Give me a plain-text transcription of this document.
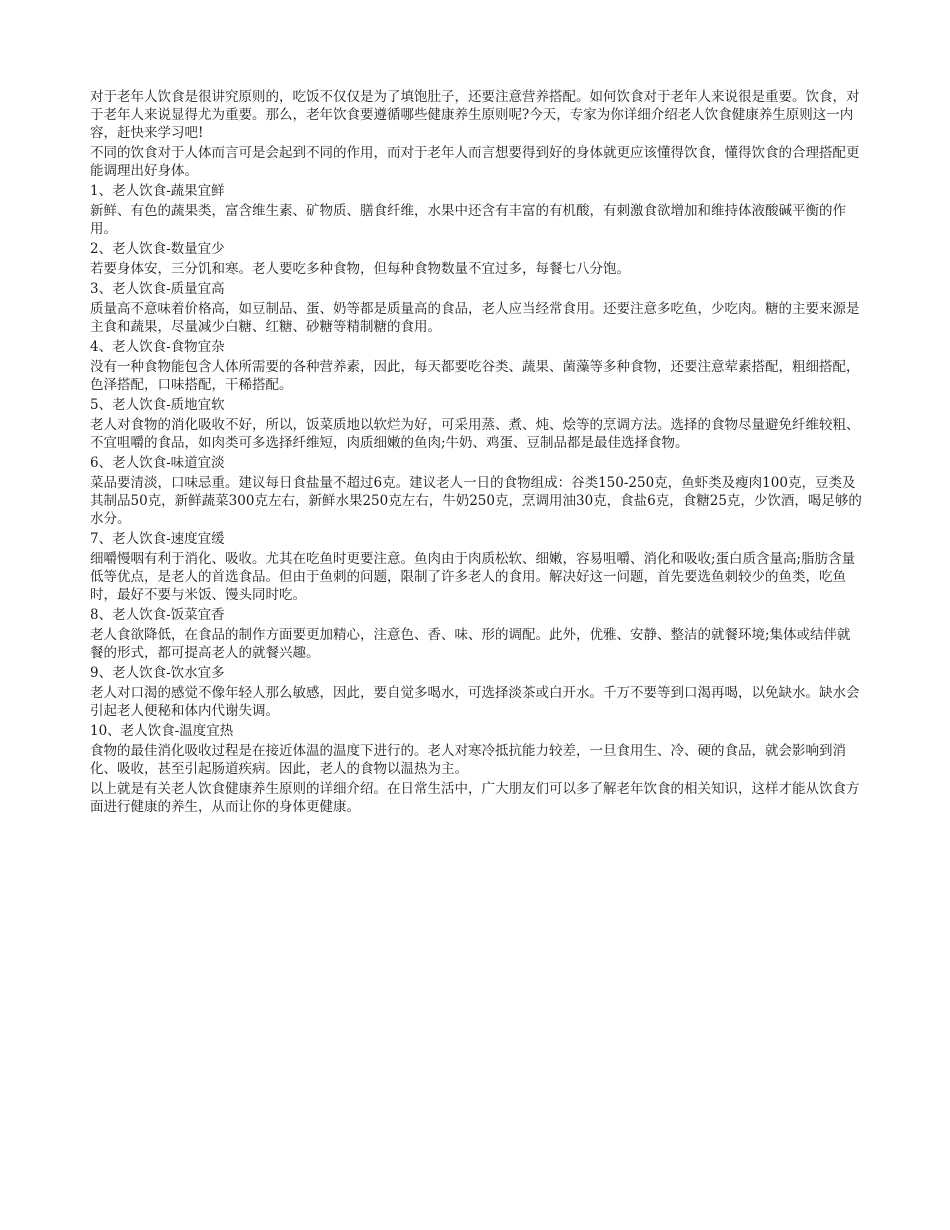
对于老年人饮食是很讲究原则的，吃饭不仅仅是为了填饱肚子，还要注意营养搭配。如何饮食对于老年人来说很是重要。饮食，对于老年人来说显得尤为重要。那么，老年饮食要遵循哪些健康养生原则呢?今天，专家为你详细介绍老人饮食健康养生原则这一内容，赶快来学习吧!

不同的饮食对于人体而言可是会起到不同的作用，而对于老年人而言想要得到好的身体就更应该懂得饮食，懂得饮食的合理搭配更能调理出好身体。

1、老人饮食-蔬果宜鲜

新鲜、有色的蔬果类，富含维生素、矿物质、膳食纤维，水果中还含有丰富的有机酸，有刺激食欲增加和维持体液酸碱平衡的作用。

2、老人饮食-数量宜少

若要身体安，三分饥和寒。老人要吃多种食物，但每种食物数量不宜过多，每餐七八分饱。

3、老人饮食-质量宜高

质量高不意味着价格高，如豆制品、蛋、奶等都是质量高的食品，老人应当经常食用。还要注意多吃鱼，少吃肉。糖的主要来源是主食和蔬果，尽量减少白糖、红糖、砂糖等精制糖的食用。

4、老人饮食-食物宜杂

没有一种食物能包含人体所需要的各种营养素，因此，每天都要吃谷类、蔬果、菌藻等多种食物，还要注意荤素搭配，粗细搭配，色泽搭配，口味搭配，干稀搭配。

5、老人饮食-质地宜软

老人对食物的消化吸收不好，所以，饭菜质地以软烂为好，可采用蒸、煮、炖、烩等的烹调方法。选择的食物尽量避免纤维较粗、不宜咀嚼的食品，如肉类可多选择纤维短，肉质细嫩的鱼肉;牛奶、鸡蛋、豆制品都是最佳选择食物。

6、老人饮食-味道宜淡

菜品要清淡，口味忌重。建议每日食盐量不超过6克。建议老人一日的食物组成：谷类150-250克，鱼虾类及瘦肉100克，豆类及其制品50克，新鲜蔬菜300克左右，新鲜水果250克左右，牛奶250克，烹调用油30克，食盐6克，食糖25克，少饮酒，喝足够的水分。

7、老人饮食-速度宜缓

细嚼慢咽有利于消化、吸收。尤其在吃鱼时更要注意。鱼肉由于肉质松软、细嫩，容易咀嚼、消化和吸收;蛋白质含量高;脂肪含量低等优点，是老人的首选食品。但由于鱼刺的问题，限制了许多老人的食用。解决好这一问题，首先要选鱼刺较少的鱼类，吃鱼时，最好不要与米饭、馒头同时吃。

8、老人饮食-饭菜宜香

老人食欲降低，在食品的制作方面要更加精心，注意色、香、味、形的调配。此外，优雅、安静、整洁的就餐环境;集体或结伴就餐的形式，都可提高老人的就餐兴趣。

9、老人饮食-饮水宜多

老人对口渴的感觉不像年轻人那么敏感，因此，要自觉多喝水，可选择淡茶或白开水。千万不要等到口渴再喝，以免缺水。缺水会引起老人便秘和体内代谢失调。

10、老人饮食-温度宜热

食物的最佳消化吸收过程是在接近体温的温度下进行的。老人对寒冷抵抗能力较差，一旦食用生、冷、硬的食品，就会影响到消化、吸收，甚至引起肠道疾病。因此，老人的食物以温热为主。

以上就是有关老人饮食健康养生原则的详细介绍。在日常生活中，广大朋友们可以多了解老年饮食的相关知识，这样才能从饮食方面进行健康的养生，从而让你的身体更健康。
